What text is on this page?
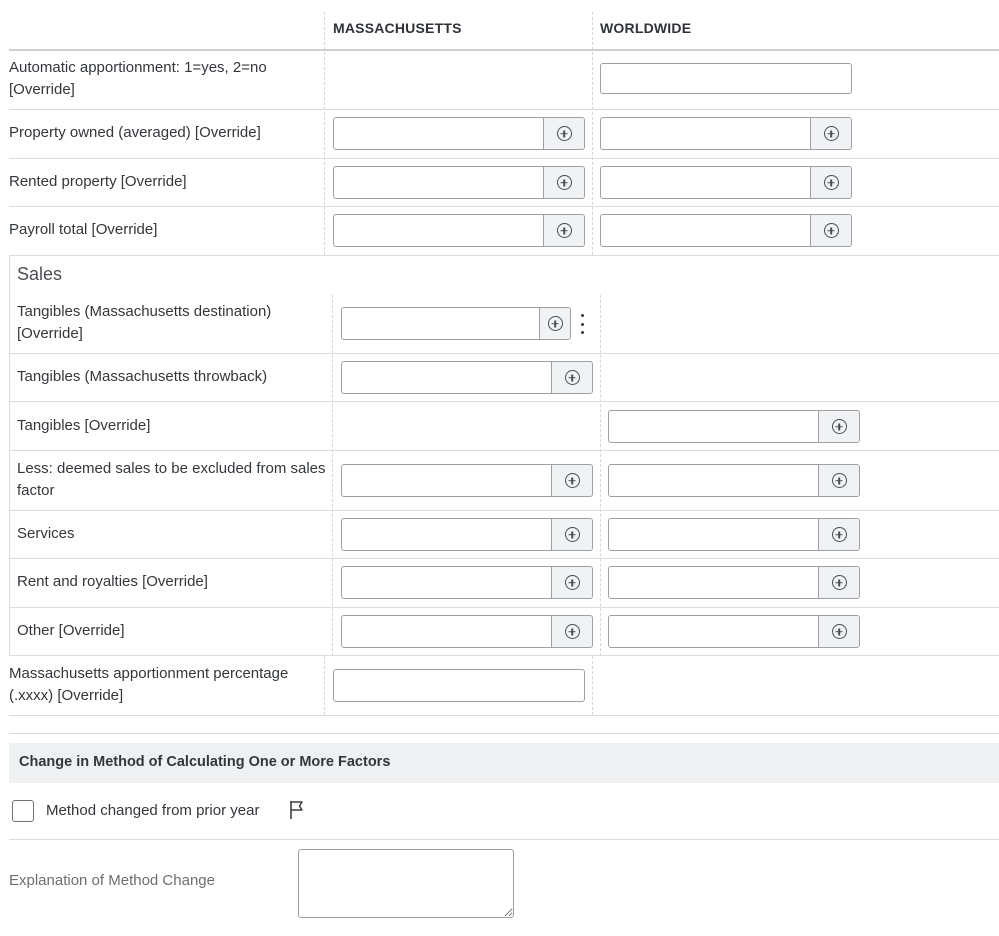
MASSACHUSETTS	WORLDWIDE
Automatic apportionment: 1=yes, 2=no [Override]
Property owned (averaged) [Override]
Rented property [Override]
Payroll total [Override]
Sales
Tangibles (Massachusetts destination) [Override]
Tangibles (Massachusetts throwback)
Tangibles [Override]
Less: deemed sales to be excluded from sales factor
Services
Rent and royalties [Override]
Other [Override]
Massachusetts apportionment percentage (.xxxx) [Override]
Change in Method of Calculating One or More Factors
Method changed from prior year
Explanation of Method Change
